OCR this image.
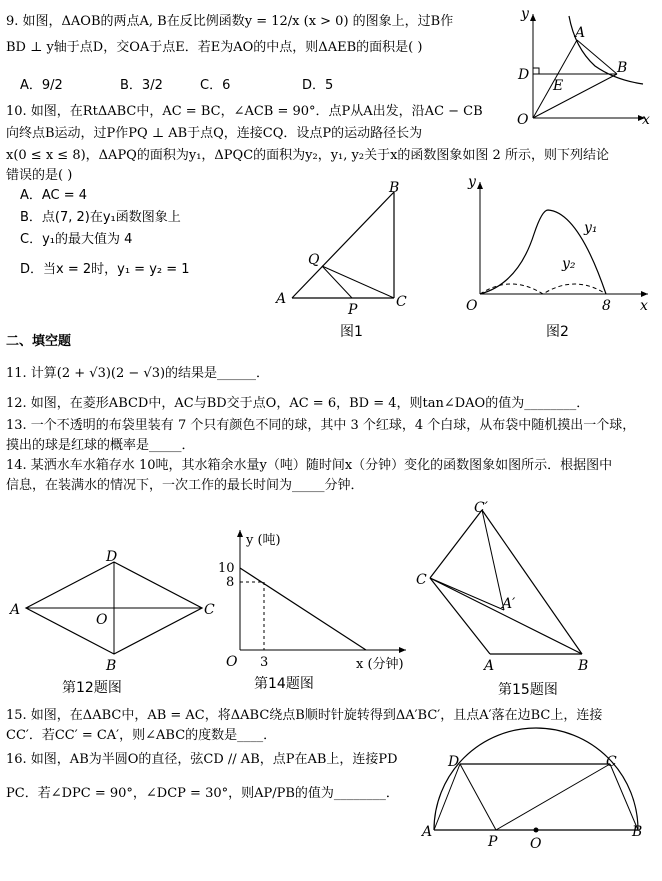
9. 如图，ΔAOB的两点A, B在反比例函数y = 12/x (x > 0) 的图象上，过B作
BD ⊥ y轴于点D，交OA于点E．若E为AO的中点，则ΔAEB的面积是( )
A．9/2	B．3/2	C．6	D．5
y
A
B
D
E
O	x
10. 如图，在RtΔABC中，AC = BC，∠ACB = 90°．点P从A出发，沿AC − CB
向终点B运动，过P作PQ ⊥ AB于点Q，连接CQ．设点P的运动路径长为
x(0 ≤ x ≤ 8)，ΔAPQ的面积为y₁，ΔPQC的面积为y₂，y₁, y₂关于x的函数图象如图 2 所示，则下列结论
错误的是( )
A．AC = 4
B．点(7, 2)在y₁函数图象上
C．y₁的最大值为 4
D．当x = 2时，y₁ = y₂ = 1
A
B
C
P
Q
图1
y
x
O	8
y₁
y₂
图2
二、填空题
11. 计算(2 + √3)(2 − √3)的结果是______．
12. 如图，在菱形ABCD中，AC与BD交于点O，AC = 6，BD = 4，则tan∠DAO的值为________．
13. 一个不透明的布袋里装有 7 个只有颜色不同的球，其中 3 个红球，4 个白球，从布袋中随机摸出一个球，
摸出的球是红球的概率是_____．
14. 某洒水车水箱存水 10吨，其水箱余水量y（吨）随时间x（分钟）变化的函数图象如图所示．根据图中
信息，在装满水的情况下，一次工作的最长时间为_____分钟．
A	C
D
B
O
第12题图
y (吨)
10
8
3
O	x (分钟)
第14题图
C′
C
A′
A	B
第15题图
15. 如图，在ΔABC中，AB = AC，将ΔABC绕点B顺时针旋转得到ΔA′BC′，且点A′落在边BC上，连接
CC′．若CC′ = CA′，则∠ABC的度数是____．
16. 如图，AB为半圆O的直径，弦CD // AB，点P在AB上，连接PD
PC．若∠DPC = 90°，∠DCP = 30°，则AP/PB的值为________．
D	C
A	B
P O
